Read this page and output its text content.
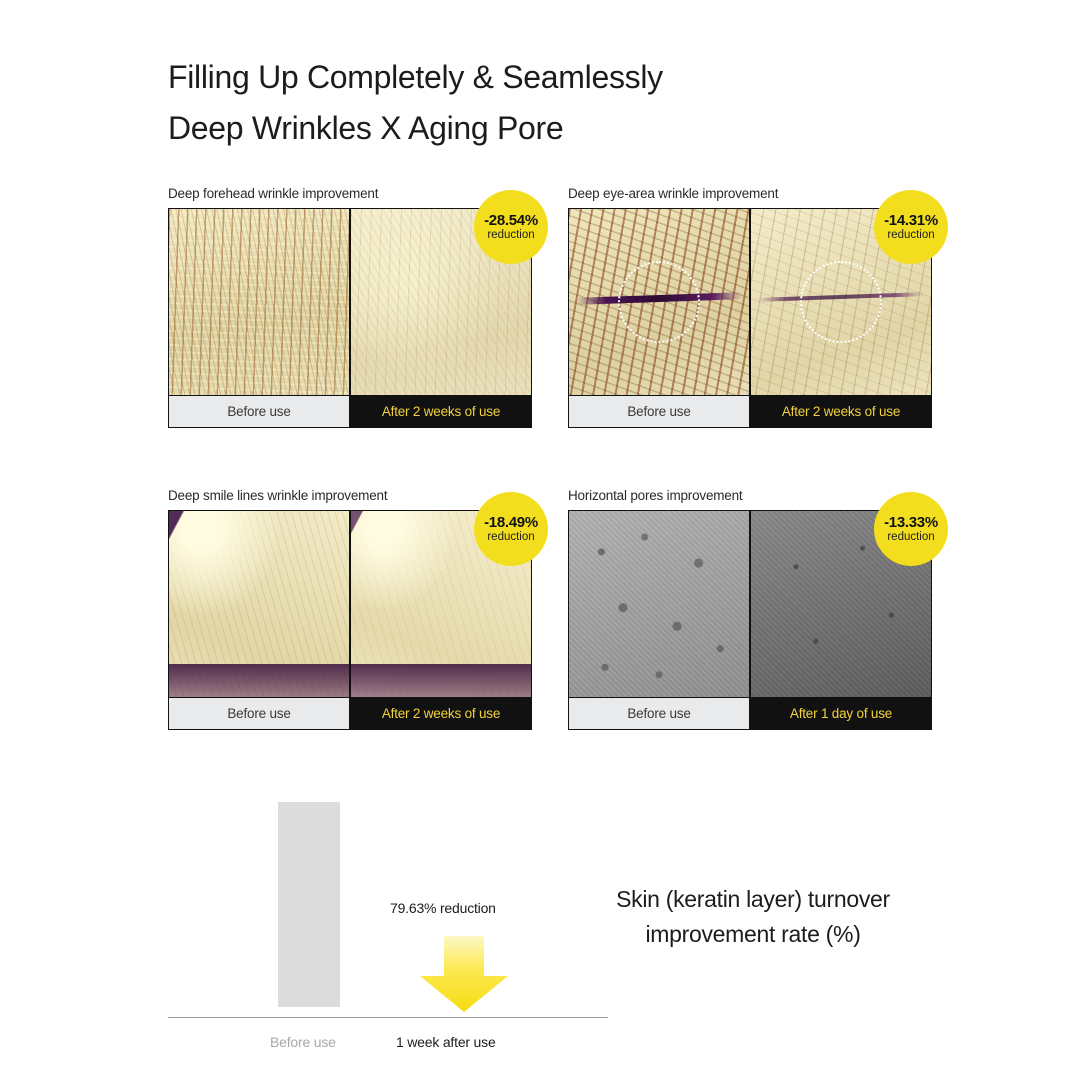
Filling Up Completely & Seamlessly
Deep Wrinkles X Aging Pore
Deep forehead wrinkle improvement
Before use	After 2 weeks of use
-28.54%
reduction
Deep eye-area wrinkle improvement
Before use	After 2 weeks of use
-14.31%
reduction
Deep smile lines wrinkle improvement
Before use	After 2 weeks of use
-18.49%
reduction
Horizontal pores improvement
Before use	After 1 day of use
-13.33%
reduction
79.63% reduction
Before use	1 week after use
Skin (keratin layer) turnover
improvement rate (%)
